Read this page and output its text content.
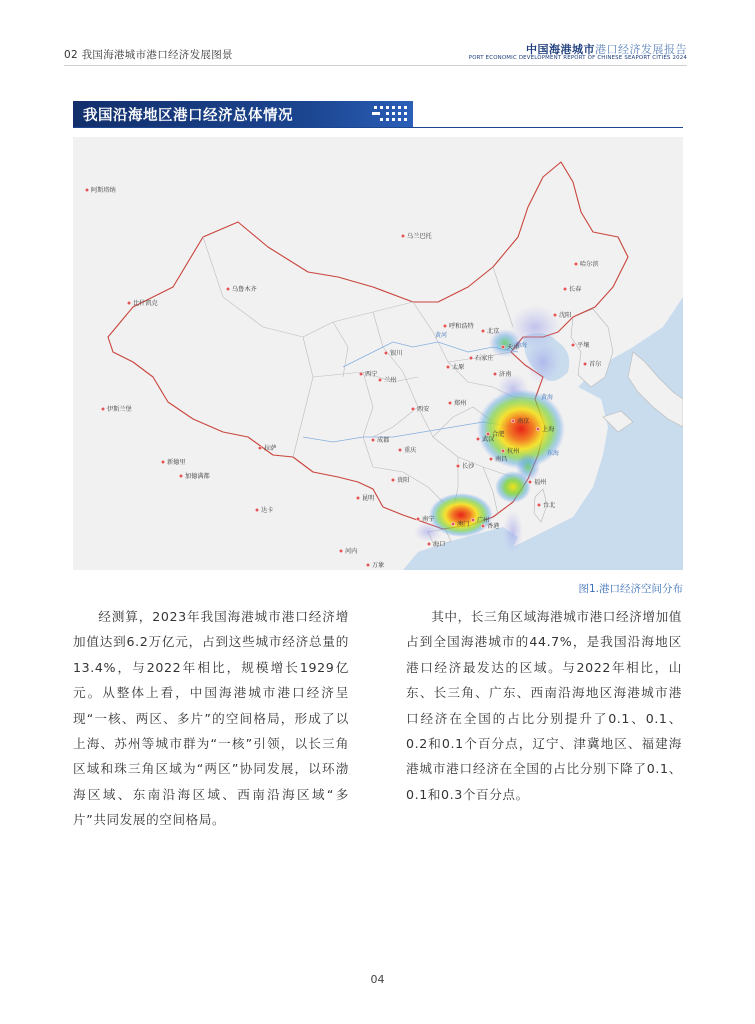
02 我国海港城市港口经济发展图景	中国海港城市港口经济发展报告
PORT ECONOMIC DEVELOPMENT REPORT OF CHINESE SEAPORT CITIES 2024
我国沿海地区港口经济总体情况
阿斯塔纳
乌鲁木齐
比什凯克
伊斯兰堡
新德里
加德满都
达卡
乌兰巴托
哈尔滨
长春
沈阳
呼和浩特
北京
天津	平壤
首尔
银川
石家庄
太原
济南
西宁
兰州
郑州
西安
合肥
南京
武汉
上海
成都
重庆	杭州
长沙
南昌
拉萨
贵阳	福州
台北
昆明
南宁	广州
澳门	香港
海口
河内
万象
黄河
渤海
黄海
东海
图1.港口经济空间分布

经测算，2023年我国海港城市港口经济增加值达到6.2万亿元，占到这些城市经济总量的13.4%，与2022年相比，规模增长1929亿元。从整体上看，中国海港城市港口经济呈现“一核、两区、多片”的空间格局，形成了以上海、苏州等城市群为“一核”引领，以长三角区域和珠三角区域为“两区”协同发展，以环渤海区域、东南沿海区域、西南沿海区域“多片”共同发展的空间格局。

其中，长三角区域海港城市港口经济增加值占到全国海港城市的44.7%，是我国沿海地区港口经济最发达的区域。与2022年相比，山东、长三角、广东、西南沿海地区海港城市港口经济在全国的占比分别提升了0.1、0.1、0.2和0.1个百分点，辽宁、津冀地区、福建海港城市港口经济在全国的占比分别下降了0.1、0.1和0.3个百分点。

04
